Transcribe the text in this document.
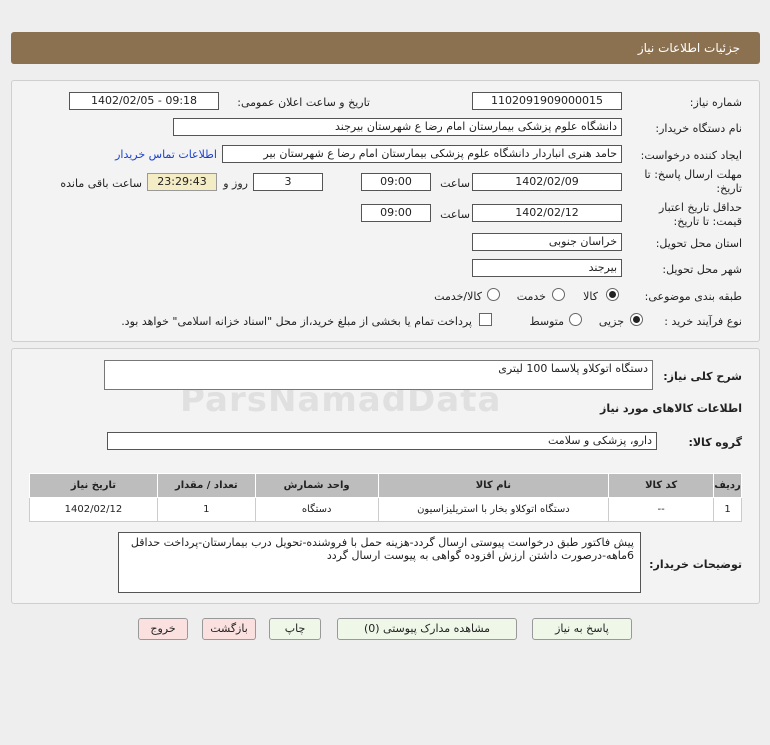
جزئیات اطلاعات نیاز
شماره نیاز:
1102091909000015
تاریخ و ساعت اعلان عمومی:
1402/02/05 - 09:18
نام دستگاه خریدار:
دانشگاه علوم پزشکی بیمارستان امام رضا ع شهرستان بیرجند
ایجاد کننده درخواست:
حامد هنری انباردار دانشگاه علوم پزشکی بیمارستان امام رضا ع شهرستان بیر
اطلاعات تماس خریدار
مهلت ارسال پاسخ: تا
تاریخ:
1402/02/09
ساعت
09:00
3
روز و
23:29:43
ساعت باقی مانده
حداقل تاریخ اعتبار
قیمت: تا تاریخ:
1402/02/12
ساعت
09:00
استان محل تحویل:
خراسان جنوبی
شهر محل تحویل:
بیرجند
طبقه بندی موضوعی:
کالا
خدمت
کالا/خدمت
نوع فرآیند خرید :
جزیی
متوسط
پرداخت تمام یا بخشی از مبلغ خرید،از محل "اسناد خزانه اسلامی" خواهد بود.
شرح کلی نیاز:
دستگاه اتوکلاو پلاسما 100 لیتری
اطلاعات کالاهای مورد نیاز
گروه کالا:
دارو، پزشکی و سلامت
ردیف	کد کالا	نام کالا	واحد شمارش	تعداد / مقدار	تاریخ نیاز
1	--	دستگاه اتوکلاو بخار با استریلیزاسیون	دستگاه	1	1402/02/12
توضیحات خریدار:
پیش فاکتور طبق درخواست پیوستی ارسال گردد-هزینه حمل با فروشنده-تحویل درب بیمارستان-پرداخت حداقل 6ماهه-درصورت داشتن ارزش افزوده گواهی به پیوست ارسال گردد
پاسخ به نیاز
مشاهده مدارک پیوستی (0)
چاپ
بازگشت
خروج
